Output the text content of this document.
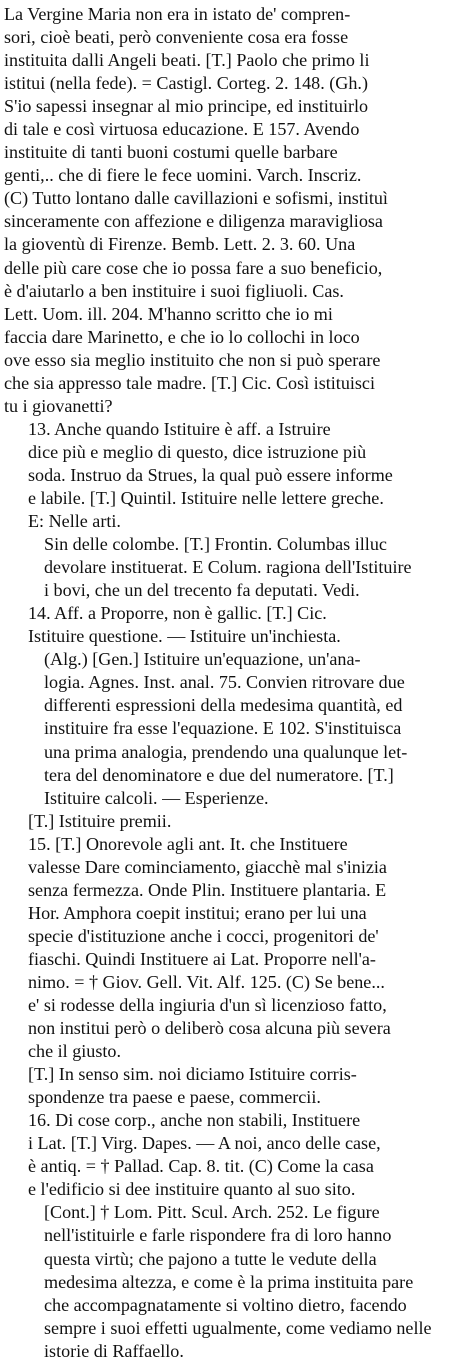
La Vergine Maria non era in istato de' compren-
sori, cioè beati, però conveniente cosa era fosse
instituita dalli Angeli beati. [T.] Paolo che primo li
istitui (nella fede). = Castigl. Corteg. 2. 148. (Gh.)
S'io sapessi insegnar al mio principe, ed instituirlo
di tale e così virtuosa educazione. E 157. Avendo
instituite di tanti buoni costumi quelle barbare
genti,.. che di fiere le fece uomini. Varch. Inscriz.
(C) Tutto lontano dalle cavillazioni e sofismi, instituì
sinceramente con affezione e diligenza maravigliosa
la gioventù di Firenze. Bemb. Lett. 2. 3. 60. Una
delle più care cose che io possa fare a suo beneficio,
è d'aiutarlo a ben instituire i suoi figliuoli. Cas.
Lett. Uom. ill. 204. M'hanno scritto che io mi
faccia dare Marinetto, e che io lo collochi in loco
ove esso sia meglio instituito che non si può sperare
che sia appresso tale madre. [T.] Cic. Così istituisci
tu i giovanetti?
13. Anche quando Istituire è aff. a Istruire
dice più e meglio di questo, dice istruzione più
soda. Instruo da Strues, la qual può essere informe
e labile. [T.] Quintil. Istituire nelle lettere greche.
E: Nelle arti.
Sin delle colombe. [T.] Frontin. Columbas illuc
devolare instituerat. E Colum. ragiona dell'Istituire
i bovi, che un del trecento fa deputati. Vedi.
14. Aff. a Proporre, non è gallic. [T.] Cic.
Istituire questione. — Istituire un'inchiesta.
(Alg.) [Gen.] Istituire un'equazione, un'ana-
logia. Agnes. Inst. anal. 75. Convien ritrovare due
differenti espressioni della medesima quantità, ed
instituire fra esse l'equazione. E 102. S'instituisca
una prima analogia, prendendo una qualunque let-
tera del denominatore e due del numeratore. [T.]
Istituire calcoli. — Esperienze.
[T.] Istituire premii.
15. [T.] Onorevole agli ant. It. che Instituere
valesse Dare cominciamento, giacchè mal s'inizia
senza fermezza. Onde Plin. Instituere plantaria. E
Hor. Amphora coepit institui; erano per lui una
specie d'istituzione anche i cocci, progenitori de'
fiaschi. Quindi Instituere ai Lat. Proporre nell'a-
nimo. = † Giov. Gell. Vit. Alf. 125. (C) Se bene...
e' si rodesse della ingiuria d'un sì licenzioso fatto,
non institui però o deliberò cosa alcuna più severa
che il giusto.
[T.] In senso sim. noi diciamo Istituire corris-
spondenze tra paese e paese, commercii.
16. Di cose corp., anche non stabili, Instituere
i Lat. [T.] Virg. Dapes. — A noi, anco delle case,
è antiq. = † Pallad. Cap. 8. tit. (C) Come la casa
e l'edificio si dee instituire quanto al suo sito.
[Cont.] † Lom. Pitt. Scul. Arch. 252. Le figure
nell'istituirle e farle rispondere fra di loro hanno
questa virtù; che pajono a tutte le vedute della
medesima altezza, e come è la prima instituita pare
che accompagnatamente si voltino dietro, facendo
sempre i suoi effetti ugualmente, come vediamo nelle
istorie di Raffaello.
